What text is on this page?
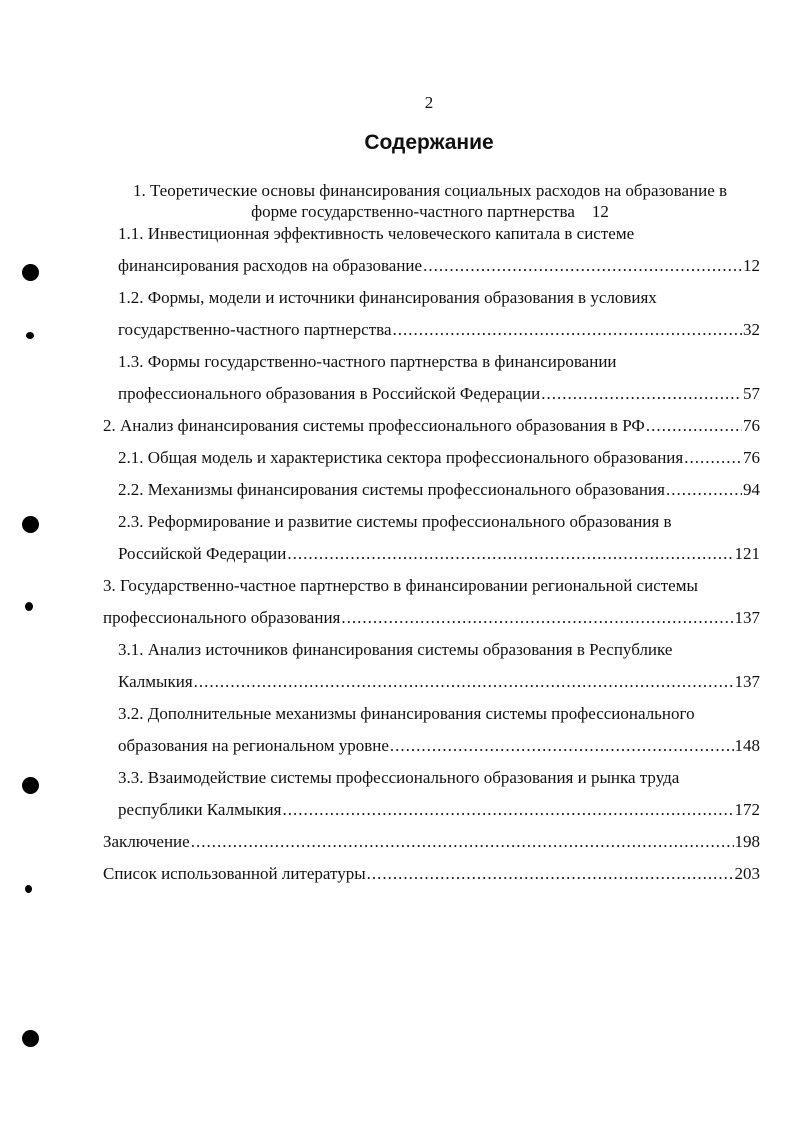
2
Содержание
1. Теоретические основы финансирования социальных расходов на образование в
форме государственно-частного партнерства 12
1.1. Инвестиционная эффективность человеческого капитала в системе
финансирования расходов на образование .....	12
1.2. Формы, модели и источники финансирования образования в условиях
государственно-частного партнерства .....	32
1.3. Формы государственно-частного партнерства в финансировании
профессионального образования в Российской Федерации .....	57
2. Анализ финансирования системы профессионального образования в РФ .....	76
2.1. Общая модель и характеристика сектора профессионального образования .....	76
2.2. Механизмы финансирования системы профессионального образования .....	94
2.3. Реформирование и развитие системы профессионального образования в
Российской Федерации .....	121
3. Государственно-частное партнерство в финансировании региональной системы
профессионального образования .....	137
3.1. Анализ источников финансирования системы образования в Республике
Калмыкия .....	137
3.2. Дополнительные механизмы финансирования системы профессионального
образования на региональном уровне .....	148
3.3. Взаимодействие системы профессионального образования и рынка труда
республики Калмыкия .....	172
Заключение .....	198
Список использованной литературы .....	203
